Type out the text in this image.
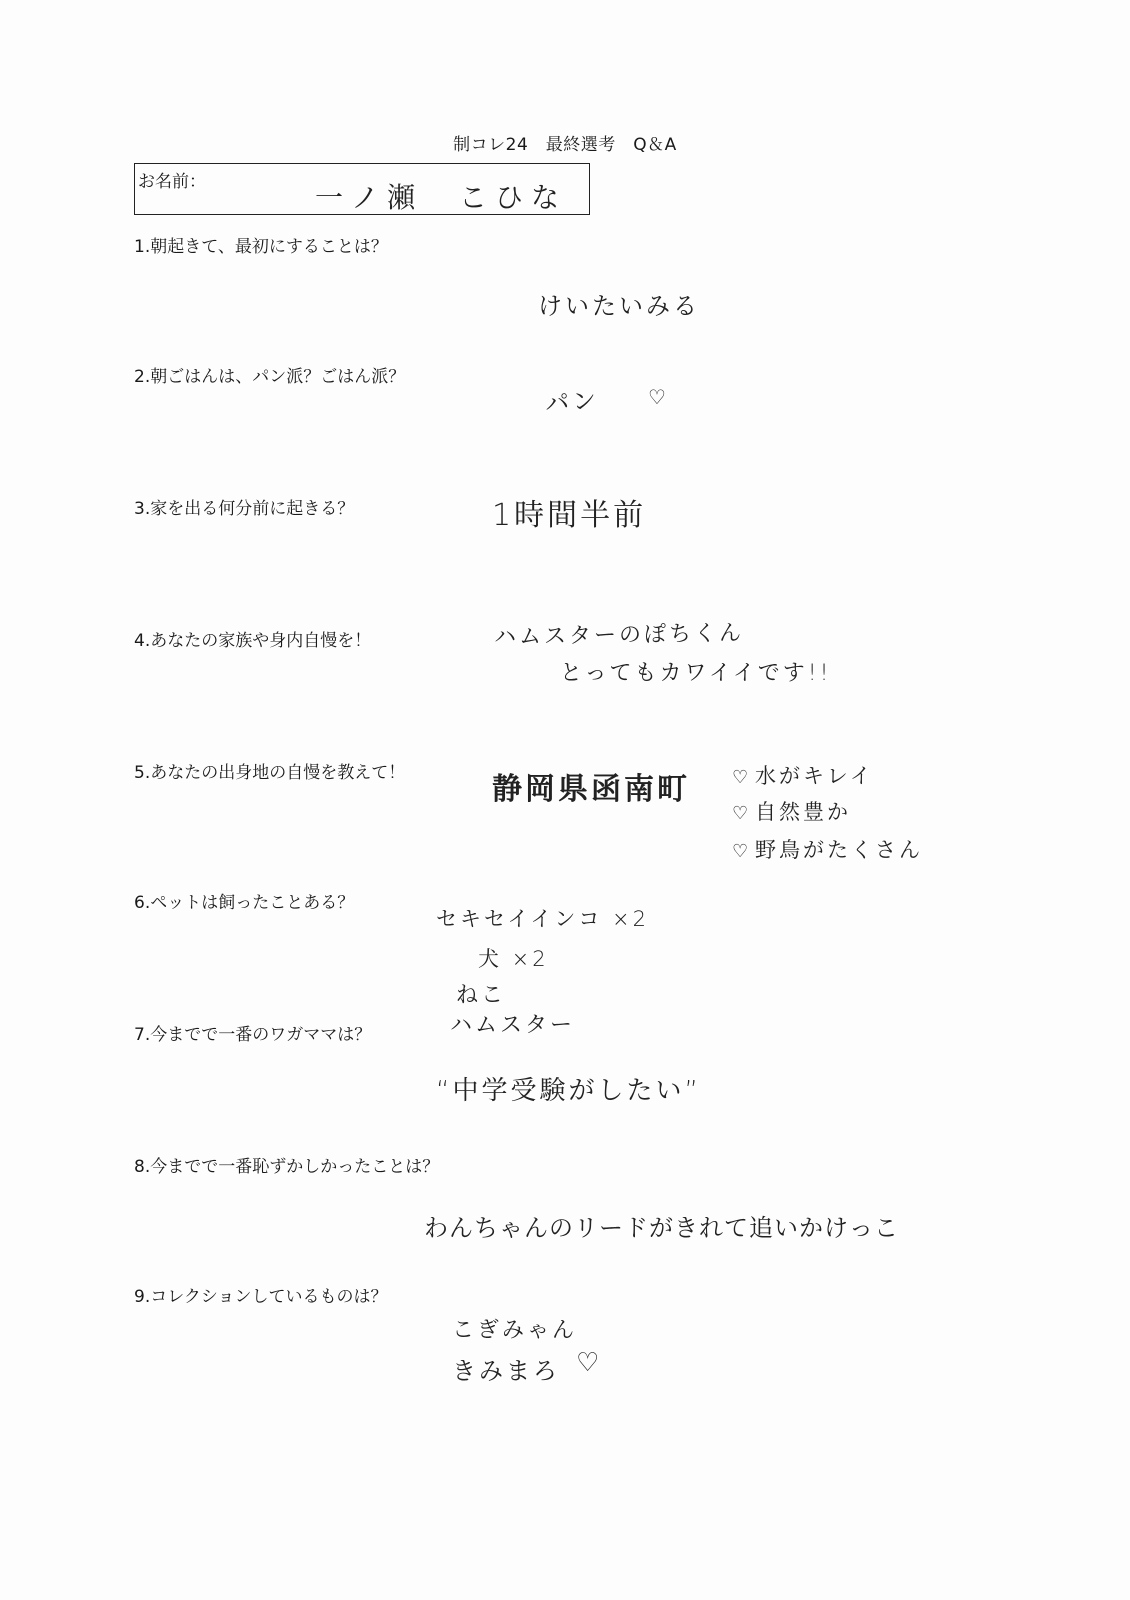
制コレ24　最終選考　Q＆A
お名前：	一ノ瀬　こひな
1.朝起きて、最初にすることは？
けいたいみる
2.朝ごはんは、パン派？ごはん派？
パン ♡
3.家を出る何分前に起きる？	1時間半前
4.あなたの家族や身内自慢を！	ハムスターのぽちくん
とってもカワイイです!!
5.あなたの出身地の自慢を教えて！	静岡県函南町 ♡ 水がキレイ
♡ 自然豊か
♡ 野鳥がたくさん
6.ペットは飼ったことある？
セキセイインコ ×2
犬 ×2
ねこ
ハムスター
7.今までで一番のワガママは？
“中学受験がしたい”
8.今までで一番恥ずかしかったことは？
わんちゃんのリードがきれて追いかけっこ
9.コレクションしているものは？
こぎみゃん
きみまろ ♡
